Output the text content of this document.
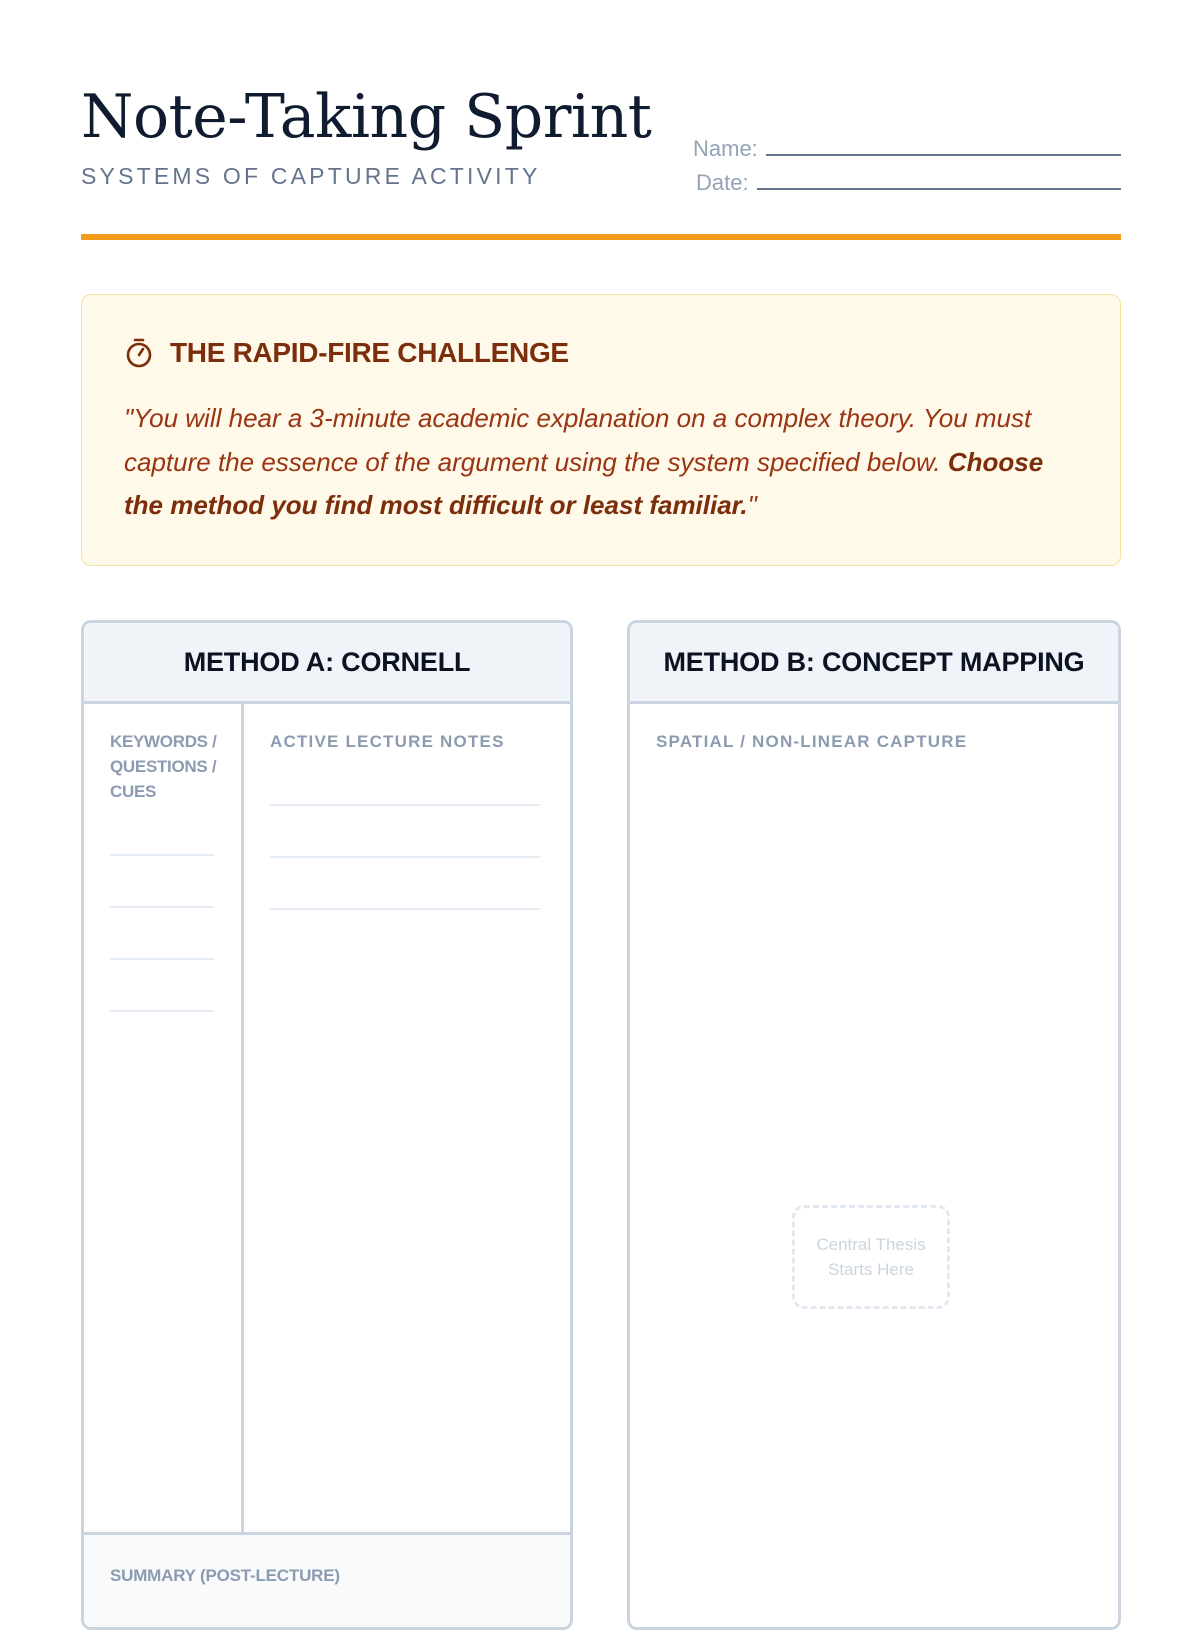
Note-Taking Sprint
SYSTEMS OF CAPTURE ACTIVITY
Name:
Date:
THE RAPID-FIRE CHALLENGE

"You will hear a 3-minute academic explanation on a complex theory. You must capture the essence of the argument using the system specified below. Choose the method you find most difficult or least familiar."

METHOD A: CORNELL

KEYWORDS / QUESTIONS / CUES

ACTIVE LECTURE NOTES

SUMMARY (POST-LECTURE)

METHOD B: CONCEPT MAPPING

SPATIAL / NON-LINEAR CAPTURE

Central Thesis Starts Here
